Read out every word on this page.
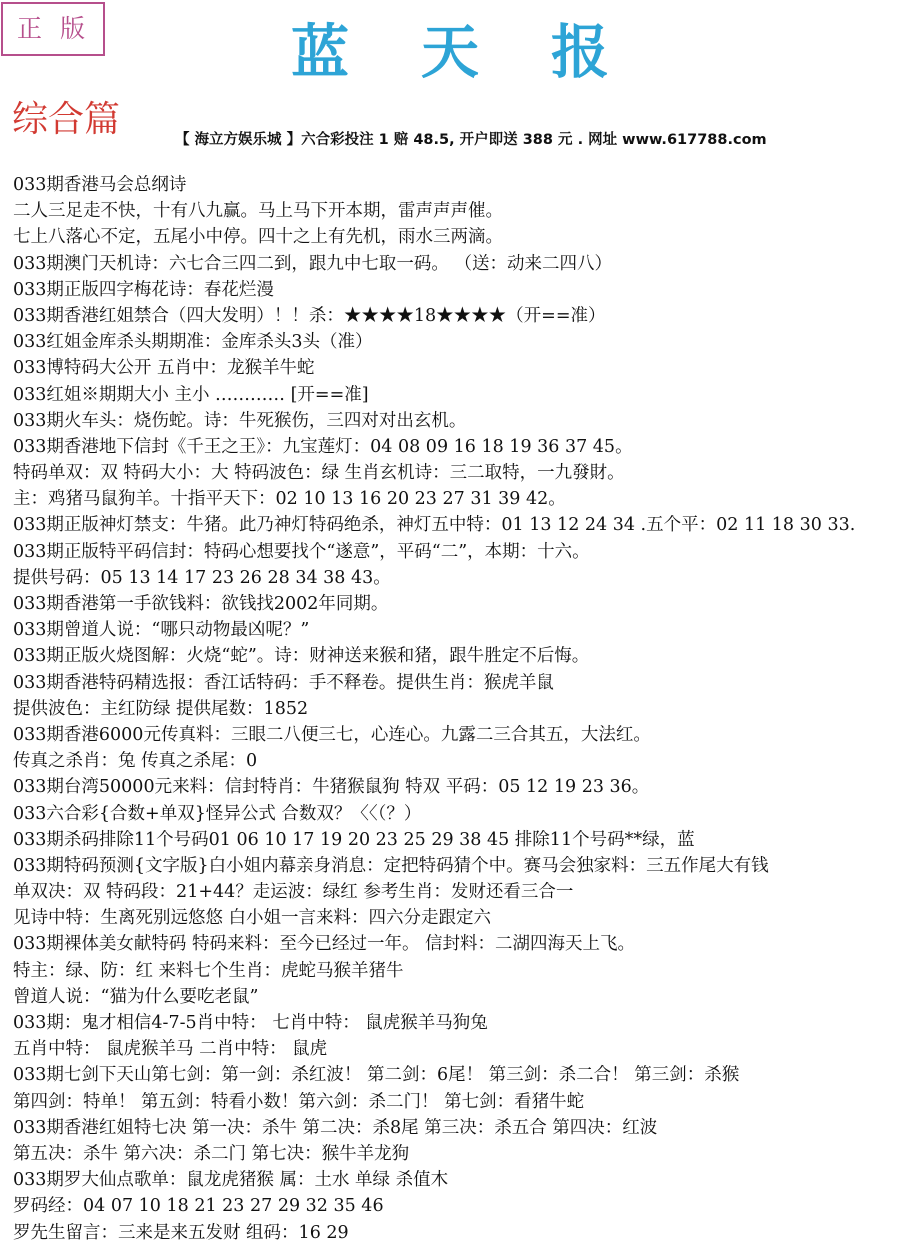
正版	蓝天报
综合篇	【 海立方娱乐城 】六合彩投注 1 赔 48.5, 开户即送 388 元 . 网址 www.617788.com
033期香港马会总纲诗
二人三足走不快，十有八九赢。马上马下开本期，雷声声声催。
七上八落心不定，五尾小中停。四十之上有先机，雨水三两滴。
033期澳门天机诗：六七合三四二到，跟九中七取一码。 （送：动来二四八）
033期正版四字梅花诗：春花烂漫
033期香港红姐禁合（四大发明）！！杀：★★★★18★★★★（开==准）
033红姐金库杀头期期准：金库杀头3头（准）
033博特码大公开 五肖中：龙猴羊牛蛇
033红姐※期期大小 主小 ………… [开==准]
033期火车头：烧伤蛇。诗：牛死猴伤，三四对对出玄机。
033期香港地下信封《千王之王》：九宝莲灯：04 08 09 16 18 19 36 37 45。
特码单双：双 特码大小：大 特码波色：绿 生肖玄机诗：三二取特，一九發財。
主：鸡猪马鼠狗羊。十指平天下：02 10 13 16 20 23 27 31 39 42。
033期正版神灯禁支：牛猪。此乃神灯特码绝杀，神灯五中特：01 13 12 24 34 .五个平：02 11 18 30 33.
033期正版特平码信封：特码心想要找个“遂意”，平码“二”，本期：十六。
提供号码：05 13 14 17 23 26 28 34 38 43。
033期香港第一手欲钱料：欲钱找2002年同期。
033期曾道人说：“哪只动物最凶呢？”
033期正版火烧图解：火烧“蛇”。诗：财神送来猴和猪，跟牛胜定不后悔。
033期香港特码精选报：香江话特码：手不释卷。提供生肖：猴虎羊鼠
提供波色：主红防绿 提供尾数：1852
033期香港6000元传真料：三眼二八便三七，心连心。九露二三合其五，大法红。
传真之杀肖：兔 传真之杀尾：0
033期台湾50000元来料：信封特肖：牛猪猴鼠狗 特双 平码：05 12 19 23 36。
033六合彩{合数+单双}怪异公式 合数双？〈〈（？）
033期杀码排除11个号码01 06 10 17 19 20 23 25 29 38 45 排除11个号码**绿，蓝
033期特码预测{文字版}白小姐内幕亲身消息：定把特码猜个中。赛马会独家料：三五作尾大有钱
单双决：双 特码段：21+44？走运波：绿红 参考生肖：发财还看三合一
见诗中特：生离死别远悠悠 白小姐一言来料：四六分走跟定六
033期裸体美女献特码 特码来料：至今已经过一年。 信封料：二湖四海天上飞。
特主：绿、防：红 来料七个生肖：虎蛇马猴羊猪牛
曾道人说：“猫为什么要吃老鼠”
033期：鬼才相信4-7-5肖中特： 七肖中特： 鼠虎猴羊马狗兔
五肖中特： 鼠虎猴羊马 二肖中特： 鼠虎
033期七剑下天山第七剑：第一剑：杀红波！ 第二剑：6尾！ 第三剑：杀二合！ 第三剑：杀猴
第四剑：特单！ 第五剑：特看小数！第六剑：杀二门！ 第七剑：看猪牛蛇
033期香港红姐特七决 第一决：杀牛 第二决：杀8尾 第三决：杀五合 第四决：红波
第五决：杀牛 第六决：杀二门 第七决：猴牛羊龙狗
033期罗大仙点歌单：鼠龙虎猪猴 属：土水 单绿 杀值木
罗码经：04 07 10 18 21 23 27 29 32 35 46
罗先生留言：三来是来五发财 组码：16 29
